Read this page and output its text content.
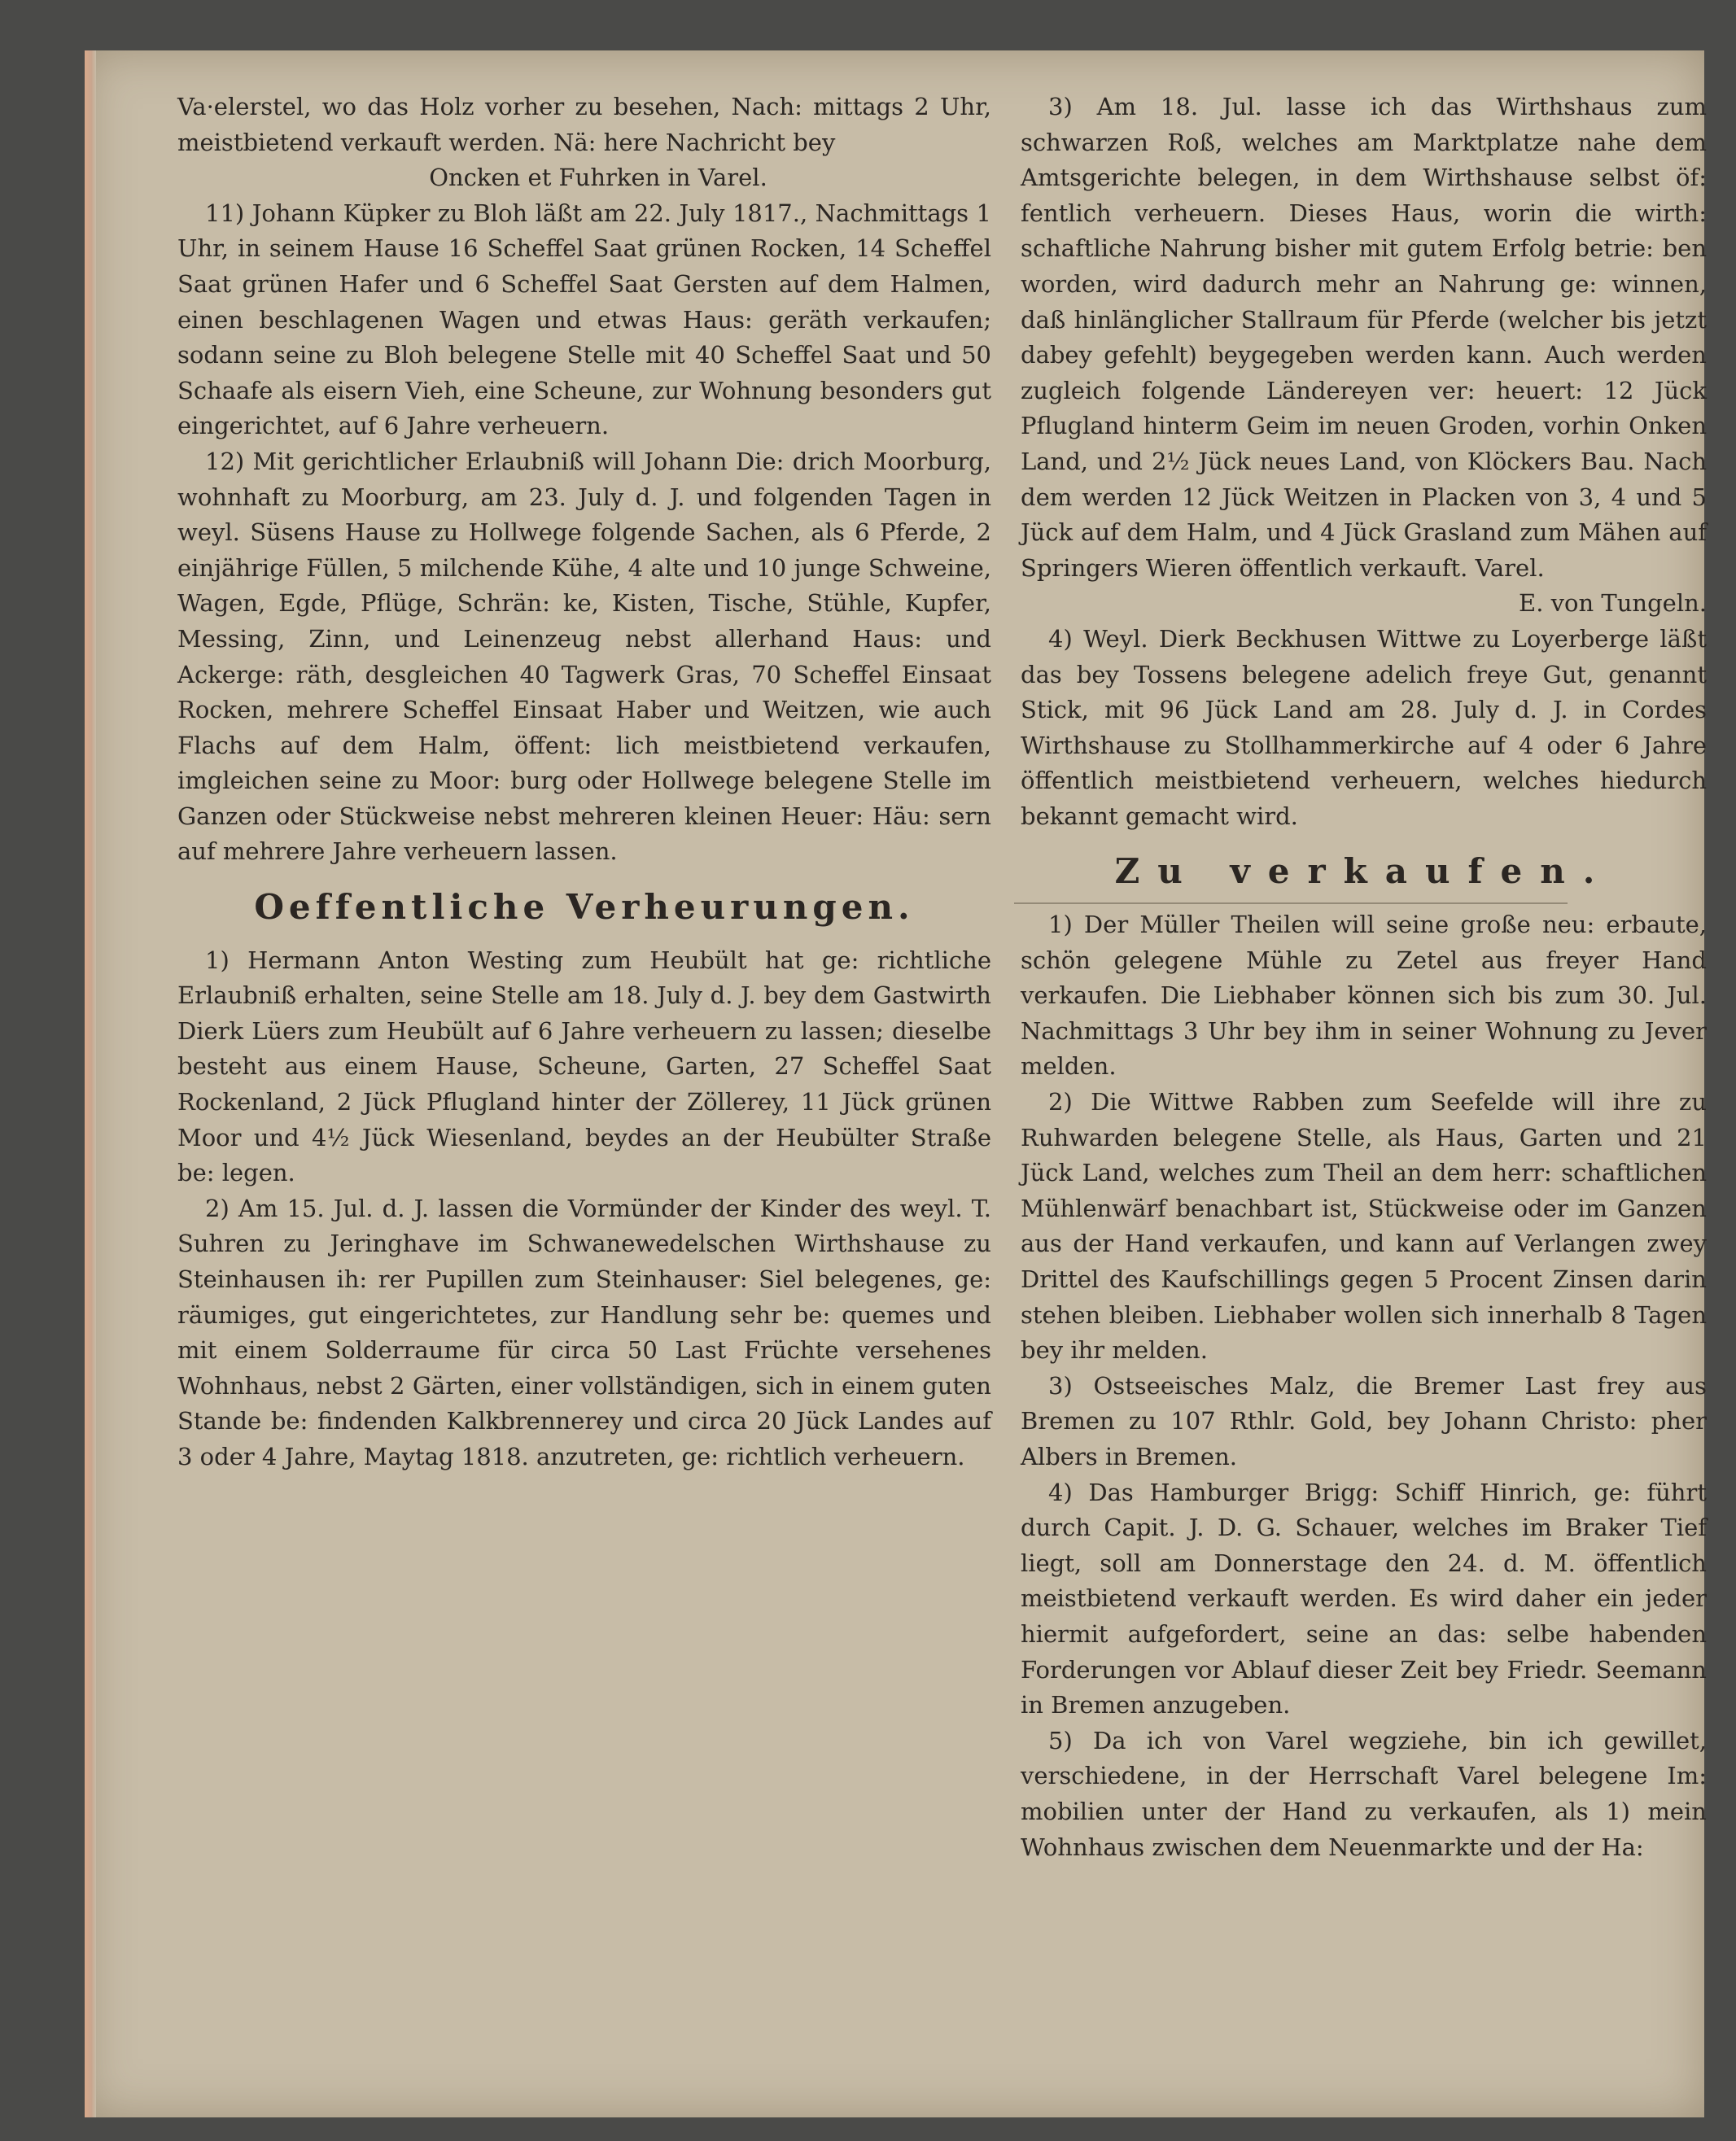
Va·elerstel, wo das Holz vorher zu besehen, Nach: mittags 2 Uhr, meistbietend verkauft werden. Nä: here Nachricht bey

Oncken et Fuhrken in Varel.

11) Johann Küpker zu Bloh läßt am 22. July 1817., Nachmittags 1 Uhr, in seinem Hause 16 Scheffel Saat grünen Rocken, 14 Scheffel Saat grünen Hafer und 6 Scheffel Saat Gersten auf dem Halmen, einen beschlagenen Wagen und etwas Haus: geräth verkaufen; sodann seine zu Bloh belegene Stelle mit 40 Scheffel Saat und 50 Schaafe als eisern Vieh, eine Scheune, zur Wohnung besonders gut eingerichtet, auf 6 Jahre verheuern.

12) Mit gerichtlicher Erlaubniß will Johann Die: drich Moorburg, wohnhaft zu Moorburg, am 23. July d. J. und folgenden Tagen in weyl. Süsens Hause zu Hollwege folgende Sachen, als 6 Pferde, 2 einjährige Füllen, 5 milchende Kühe, 4 alte und 10 junge Schweine, Wagen, Egde, Pflüge, Schrän: ke, Kisten, Tische, Stühle, Kupfer, Messing, Zinn, und Leinenzeug nebst allerhand Haus: und Ackerge: räth, desgleichen 40 Tagwerk Gras, 70 Scheffel Einsaat Rocken, mehrere Scheffel Einsaat Haber und Weitzen, wie auch Flachs auf dem Halm, öffent: lich meistbietend verkaufen, imgleichen seine zu Moor: burg oder Hollwege belegene Stelle im Ganzen oder Stückweise nebst mehreren kleinen Heuer: Häu: sern auf mehrere Jahre verheuern lassen.

Oeffentliche Verheurungen.

1) Hermann Anton Westing zum Heubült hat ge: richtliche Erlaubniß erhalten, seine Stelle am 18. July d. J. bey dem Gastwirth Dierk Lüers zum Heubült auf 6 Jahre verheuern zu lassen; dieselbe besteht aus einem Hause, Scheune, Garten, 27 Scheffel Saat Rockenland, 2 Jück Pflugland hinter der Zöllerey, 11 Jück grünen Moor und 4½ Jück Wiesenland, beydes an der Heubülter Straße be: legen.

2) Am 15. Jul. d. J. lassen die Vormünder der Kinder des weyl. T. Suhren zu Jeringhave im Schwanewedelschen Wirthshause zu Steinhausen ih: rer Pupillen zum Steinhauser: Siel belegenes, ge: räumiges, gut eingerichtetes, zur Handlung sehr be: quemes und mit einem Solderraume für circa 50 Last Früchte versehenes Wohnhaus, nebst 2 Gärten, einer vollständigen, sich in einem guten Stande be: findenden Kalkbrennerey und circa 20 Jück Landes auf 3 oder 4 Jahre, Maytag 1818. anzutreten, ge: richtlich verheuern.

3) Am 18. Jul. lasse ich das Wirthshaus zum schwarzen Roß, welches am Marktplatze nahe dem Amtsgerichte belegen, in dem Wirthshause selbst öf: fentlich verheuern. Dieses Haus, worin die wirth: schaftliche Nahrung bisher mit gutem Erfolg betrie: ben worden, wird dadurch mehr an Nahrung ge: winnen, daß hinlänglicher Stallraum für Pferde (welcher bis jetzt dabey gefehlt) beygegeben werden kann. Auch werden zugleich folgende Ländereyen ver: heuert: 12 Jück Pflugland hinterm Geim im neuen Groden, vorhin Onken Land, und 2½ Jück neues Land, von Klöckers Bau. Nach dem werden 12 Jück Weitzen in Placken von 3, 4 und 5 Jück auf dem Halm, und 4 Jück Grasland zum Mähen auf Springers Wieren öffentlich verkauft. Varel.

E. von Tungeln.

4) Weyl. Dierk Beckhusen Wittwe zu Loyerberge läßt das bey Tossens belegene adelich freye Gut, genannt Stick, mit 96 Jück Land am 28. July d. J. in Cordes Wirthshause zu Stollhammerkirche auf 4 oder 6 Jahre öffentlich meistbietend verheuern, welches hiedurch bekannt gemacht wird.

Zu verkaufen.

1) Der Müller Theilen will seine große neu: erbaute, schön gelegene Mühle zu Zetel aus freyer Hand verkaufen. Die Liebhaber können sich bis zum 30. Jul. Nachmittags 3 Uhr bey ihm in seiner Wohnung zu Jever melden.

2) Die Wittwe Rabben zum Seefelde will ihre zu Ruhwarden belegene Stelle, als Haus, Garten und 21 Jück Land, welches zum Theil an dem herr: schaftlichen Mühlenwärf benachbart ist, Stückweise oder im Ganzen aus der Hand verkaufen, und kann auf Verlangen zwey Drittel des Kaufschillings gegen 5 Procent Zinsen darin stehen bleiben. Liebhaber wollen sich innerhalb 8 Tagen bey ihr melden.

3) Ostseeisches Malz, die Bremer Last frey aus Bremen zu 107 Rthlr. Gold, bey Johann Christo: pher Albers in Bremen.

4) Das Hamburger Brigg: Schiff Hinrich, ge: führt durch Capit. J. D. G. Schauer, welches im Braker Tief liegt, soll am Donnerstage den 24. d. M. öffentlich meistbietend verkauft werden. Es wird daher ein jeder hiermit aufgefordert, seine an das: selbe habenden Forderungen vor Ablauf dieser Zeit bey Friedr. Seemann in Bremen anzugeben.

5) Da ich von Varel wegziehe, bin ich gewillet, verschiedene, in der Herrschaft Varel belegene Im: mobilien unter der Hand zu verkaufen, als 1) mein Wohnhaus zwischen dem Neuenmarkte und der Ha:
